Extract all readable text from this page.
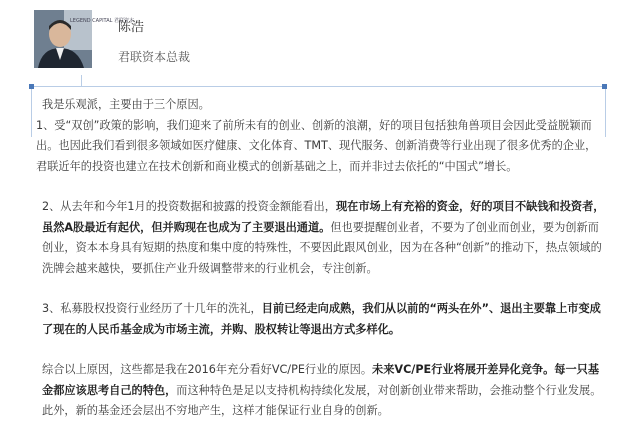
LEGEND CAPITAL 君联资本
陈浩
君联资本总裁

我是乐观派，主要由于三个原因。

1、受“双创”政策的影响，我们迎来了前所未有的创业、创新的浪潮，好的项目包括独角兽项目会因此受益脱颖而出。也因此我们看到很多领域如医疗健康、文化体育、TMT、现代服务、创新消费等行业出现了很多优秀的企业，君联近年的投资也建立在技术创新和商业模式的创新基础之上，而并非过去依托的“中国式”增长。

2、从去年和今年1月的投资数据和披露的投资金额能看出，现在市场上有充裕的资金，好的项目不缺钱和投资者，虽然A股最近有起伏，但并购现在也成为了主要退出通道。但也要提醒创业者，不要为了创业而创业，要为创新而创业，资本本身具有短期的热度和集中度的特殊性，不要因此跟风创业，因为在各种“创新”的推动下，热点领域的洗牌会越来越快，要抓住产业升级调整带来的行业机会，专注创新。

3、私募股权投资行业经历了十几年的洗礼，目前已经走向成熟，我们从以前的“两头在外”、退出主要靠上市变成了现在的人民币基金成为市场主流，并购、股权转让等退出方式多样化。

综合以上原因，这些都是我在2016年充分看好VC/PE行业的原因。未来VC/PE行业将展开差异化竞争。每一只基金都应该思考自己的特色，而这种特色是足以支持机构持续化发展，对创新创业带来帮助，会推动整个行业发展。此外，新的基金还会层出不穷地产生，这样才能保证行业自身的创新。
